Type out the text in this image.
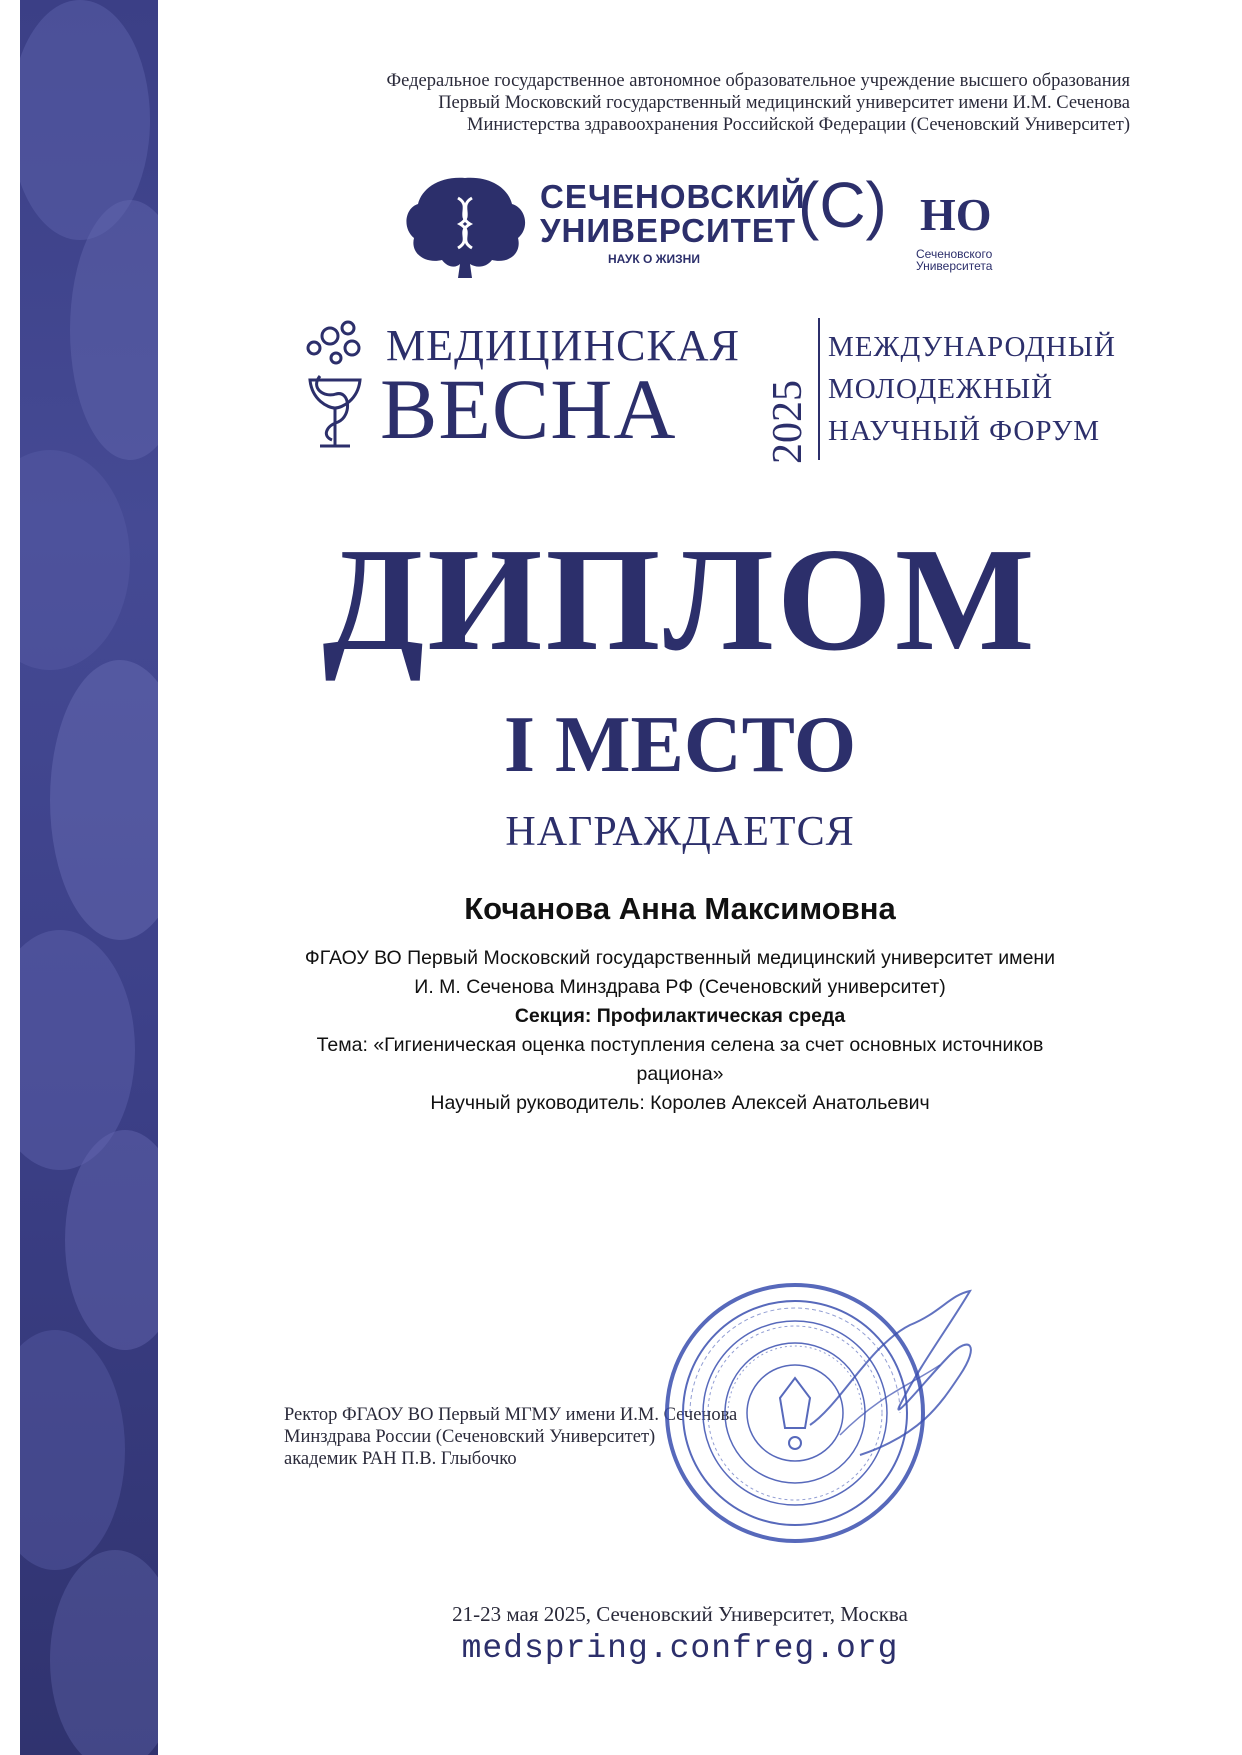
Федеральное государственное автономное образовательное учреждение высшего образования
Первый Московский государственный медицинский университет имени И.М. Сеченова
Министерства здравоохранения Российской Федерации (Сеченовский Университет)
СЕЧЕНОВСКИЙ
УНИВЕРСИТЕТ
НАУК О ЖИЗНИ
(С) НО
Сеченовского
Университета
МЕДИЦИНСКАЯ
ВЕСНА 2025
МЕЖДУНАРОДНЫЙ
МОЛОДЕЖНЫЙ
НАУЧНЫЙ ФОРУМ
ДИПЛОМ
I МЕСТО
НАГРАЖДАЕТСЯ
Кочанова Анна Максимовна
ФГАОУ ВО Первый Московский государственный медицинский университет имени
И. М. Сеченова Минздрава РФ (Сеченовский университет)
Секция: Профилактическая среда
Тема: «Гигиеническая оценка поступления селена за счет основных источников
рациона»
Научный руководитель: Королев Алексей Анатольевич
Ректор ФГАОУ ВО Первый МГМУ имени И.М. Сеченова
Минздрава России (Сеченовский Университет)
академик РАН П.В. Глыбочко
21-23 мая 2025, Сеченовский Университет, Москва
medspring.confreg.org
